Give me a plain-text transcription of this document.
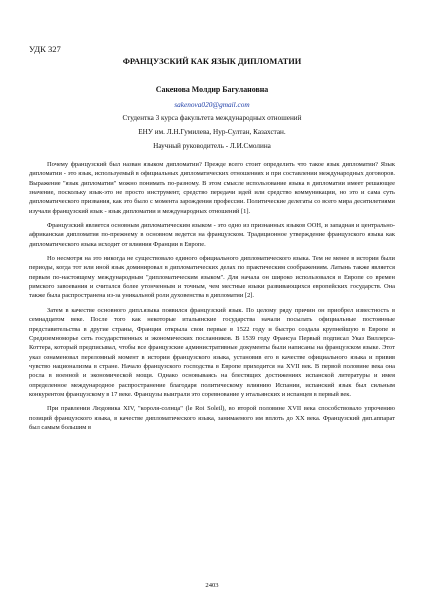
УДК 327
ФРАНЦУЗСКИЙ КАК ЯЗЫК ДИПЛОМАТИИ
Сакенова Молдир Багулановна
sakenova020@gmail.com
Студентка 3 курса факультета международных отношений
ЕНУ им. Л.Н.Гумилева, Нур-Султан, Казахстан.
Научный руководитель - Л.И.Смолина

Почему французский был назван языком дипломатии? Прежде всего стоит определить что такое язык дипломатии? Язык дипломатии - это язык, используемый в официальных дипломатических отношениях и при составлении международных договоров. Выражение "язык дипломатии" можно понимать по-разному. В этом смысле использование языка в дипломатии имеет решающее значение, поскольку язык-это не просто инструмент, средство передачи идей или средство коммуникации, но это и сама суть дипломатического призвания, как это было с момента зарождения профессии. Политические делегаты со всего мира десятилетиями изучали французский язык - язык дипломатии и международных отношений [1].

Французский является основным дипломатическим языком - это одно из признанных языков ООН, и западная и центрально-африканская дипломатия по-прежнему в основном ведется на французском. Традиционное утверждение французского языка как дипломатического языка исходит от влияния Франции в Европе.

Но несмотря на это никогда не существовало единого официального дипломатического языка. Тем не менее в истории были периоды, когда тот или иной язык доминировал в дипломатических делах по практическим соображениям. Латынь также является первым по-настоящему международным "дипломатическим языком". Для начала он широко использовался в Европе со времен римского завоевания и считался более утонченным и точным, чем местные языки развивающихся европейских государств. Она также была распространена из-за уникальной роли духовенства в дипломатии [2].

Затем в качестве основного дипл.языка появился французский язык. По целому ряду причин он приобрел известность в семнадцатом веке. После того как некоторые итальянские государства начали посылать официальные постоянные представительства в другие страны, Франция открыла свои первые в 1522 году и быстро создала крупнейшую в Европе и Средиземноморье сеть государственных и экономических посланников. В 1539 году Франсуа Первый подписал Указ Виллерса-Коттерa, который предписывал, чтобы все французские административные документы были написаны на французском языке. Этот указ ознаменовал переломный момент в истории французского языка, установив его в качестве официального языка и привив чувство национализма в стране. Начало французского господства в Европе приходится на XVII век. В первой половине века она росла в военной и экономической мощи. Однако основываясь на блестящих достижениях испанской литературы и имея определенное международное распространение благодаря политическому влиянию Испании, испанский язык был сильным конкурентом французскому в 17 веке. Французы выиграли это соревнование у итальянских и испанцев в первый век.

При правлении Людовика XIV, "короля-солнца" (le Roi Soleil), во второй половине XVII века способствовало упрочению позиций французского языка, в качестве дипломатического языка, занимаемого им вплоть до XX века. Французский дип.аппарат был самым большим в

2403
